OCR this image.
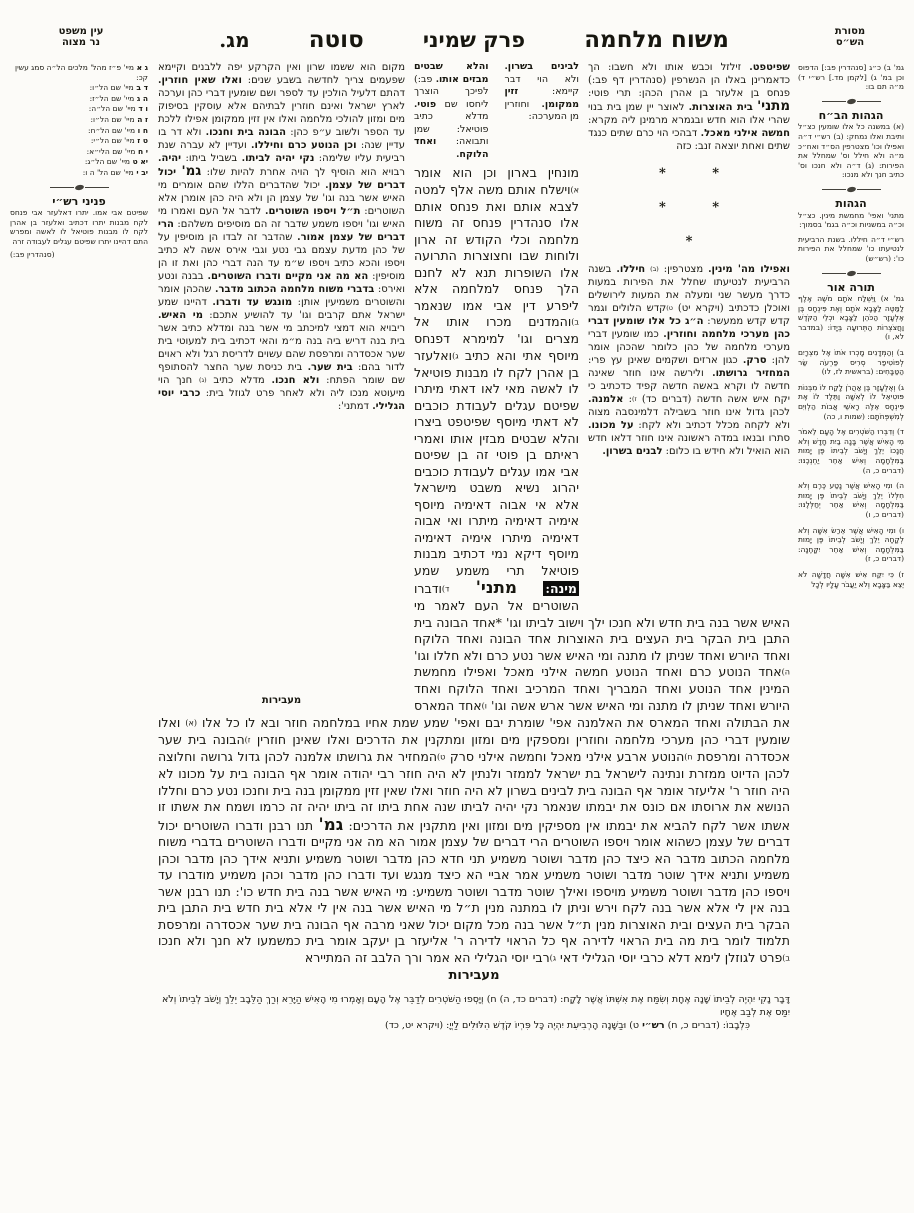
מסורת
הש״ס
משוח מלחמה
פרק שמיני
סוטה
מג.
עין משפט
נר מצוה
גמ' ב) כ״ג [סנהדרין פב:] הדפוס וכן במ' ג) [לקמן מד.] רש״י ד) מ״ה תם בו:
הגהות הב״ח
(א) במשנה כל אלו שומעין כצ״ל ותיבת ואלו נמחק: (ב) רש״י ד״ה ואפילו וכו' מצטרפין הס״ד ואח״כ מ״ה ולא חילל וס' שמחלל את הפירות: (ג) ד״ה ולא חנכו וס' כתיב חנך ולא מנכו:
הגהות
מתני' ואפי' מחמשת מינין. כצ״ל וכ״ה במשניות וכ״ה בגמ' בסמוך:
רש״י ד״ה חיללו. בשנת הרביעית לנטיעתו כו' שמחלל את הפירות כו': (רש״ש)
תורה אור
גמ' א) וַיִּשְׁלַח אֹתָם מֹשֶׁה אֶלֶף לַמַּטֶּה לַצָּבָא אֹתָם וְאֶת פִּינְחָס בֶּן אֶלְעָזָר הַכֹּהֵן לַצָּבָא וּכְלֵי הַקֹּדֶשׁ וַחֲצֹצְרוֹת הַתְּרוּעָה בְּיָדוֹ: (במדבר לא, ו)
ב) וְהַמְּדָנִים מָכְרוּ אֹתוֹ אֶל מִצְרָיִם לְפוֹטִיפַר סְרִיס פַּרְעֹה שַׂר הַטַּבָּחִים: (בראשית לז, לו)
ג) וְאֶלְעָזָר בֶּן אַהֲרֹן לָקַח לוֹ מִבְּנוֹת פּוּטִיאֵל לוֹ לְאִשָּׁה וַתֵּלֶד לוֹ אֶת פִּינְחָס אֵלֶּה רָאשֵׁי אֲבוֹת הַלְוִיִּם לְמִשְׁפְּחֹתָם: (שמות ו, כה)
ד) וְדִבְּרוּ הַשֹּׁטְרִים אֶל הָעָם לֵאמֹר מִי הָאִישׁ אֲשֶׁר בָּנָה בַיִת חָדָשׁ וְלֹא חֲנָכוֹ יֵלֵךְ וְיָשֹׁב לְבֵיתוֹ פֶּן יָמוּת בַּמִּלְחָמָה וְאִישׁ אַחֵר יַחְנְכֶנּוּ: (דברים כ, ה)
ה) וּמִי הָאִישׁ אֲשֶׁר נָטַע כֶּרֶם וְלֹא חִלְּלוֹ יֵלֵךְ וְיָשֹׁב לְבֵיתוֹ פֶּן יָמוּת בַּמִּלְחָמָה וְאִישׁ אַחֵר יְחַלְּלֶנּוּ: (דברים כ, ו)
ו) וּמִי הָאִישׁ אֲשֶׁר אֵרַשׂ אִשָּׁה וְלֹא לְקָחָהּ יֵלֵךְ וְיָשֹׁב לְבֵיתוֹ פֶּן יָמוּת בַּמִּלְחָמָה וְאִישׁ אַחֵר יִקָּחֶנָּה: (דברים כ, ז)
ז) כִּי יִקַּח אִישׁ אִשָּׁה חֲדָשָׁה לֹא יֵצֵא בַּצָּבָא וְלֹא יַעֲבֹר עָלָיו לְכָל
שפיטפט. זילזל וכבש אותו ולא חשבו: הך כדאמרינן באלו הן הנשרפין (סנהדרין דף פב:) פנחס בן אלעזר בן אהרן הכהן: תרי פוטי: מתני' בית האוצרות. לאוצר יין שמן בית בנוי שהרי אלו הוא חדש ובגמרא מרמינן ליה מקרא: חמשה אילני מאכל. דבהכי הוי כרם שתים כנגד שתים ואחת יוצאה זנב: כזה
* *
* *
*
ואפילו מה' מינין. מצטרפין: (ב) חיללו. בשנה הרביעית לנטיעתו שחלל את הפירות במעות כדרך מעשר שני ומעלה את המעות לירושלים ואוכלן כדכתיב (ויקרא יט) ט)קדש הלולים וגמר קדש קדש ממעשר: ה״ג כל אלו שומעין דברי כהן מערכי מלחמה וחוזרין. כמו שומעין דברי מערכי מלחמה של כהן כלומר שהכהן אומר להן: סרק. כגון ארזים ושקמים שאינן עץ פרי: המחזיר גרושתו. ולירשה אינו חוזר שאינה חדשה לו וקרא באשה חדשה קפיד כדכתיב כי יקח איש אשה חדשה (דברים כד) ז): אלמנה. לכהן גדול אינו חוזר בשבילה דלמינסבה מצוה ולא לקחה מכלל דכתיב ולא לקח: על מכונו. סתרו ובנאו במדה ראשונה אינו חוזר דלאו חדש הוא הואיל ולא חידש בו כלום: לבנים בשרון.
מקום הוא ששמו שרון ואין הקרקע יפה ללבנים וקיימא שפעמים צריך לחדשה בשבע שנים: ואלו שאין חוזרין. דהתם דלעיל הולכין עד לספר ושם שומעין דברי כהן וערכה לארץ ישראל ואינם חוזרין לבתיהם אלא עוסקין בסיפוק מים ומזון להולכי מלחמה ואלו אין זזין ממקומן אפילו ללכת עד הספר ולשוב ע״פ כהן: הבונה בית וחנכו. ולא דר בו עדיין שנה: וכן הנוטע כרם וחיללו. ועדיין לא עברה שנת רביעית עליו שלימה: נקי יהיה לביתו. בשביל ביתו: יהיה. רבויא הוא הוסיף לך הויה אחרת להיות שלו: גמ' יכול דברים של עצמן. יכול שהדברים הללו שהם אומרים מי האיש אשר בנה וגו' של עצמן הן ולא היה כהן אומרן אלא השוטרים: ת״ל ויספו השוטרים. לדבר אל העם ואמרו מי האיש וגו' ויספו משמע שדבר זה הם מוסיפים משלהם: הרי דברים של עצמן אמור. שהדבר זה לבדו הן מוסיפין על של כהן מדעת עצמם גבי נטע וגבי אירס אשה לא כתיב ויספו והכא כתיב ויספו ש״מ עד הנה דברי כהן ואת זו הן מוסיפין: הא מה אני מקיים ודברו השוטרים. בבנה ונטע ואירס: בדברי משוח מלחמה הכתוב מדבר. שהכהן אומר והשוטרים משמיעין אותן: מונגש עד ודברו. דהיינו שמע ישראל אתם קרבים וגו' עד להושיע אתכם: מי האיש. ריבויא הוא דמצי למיכתב מי אשר בנה ומדלא כתיב אשר בית בנה דריש ביה בנה מ״מ והאי דכתיב בית למעוטי בית שער אכסדרה ומרפסת שהם עשוים לדריסת רגל ולא ראוים לדור בהם: בית שער. בית כניסת שער החצר להסתופף שם שומר הפתח: ולא חנכו. מדלא כתיב (ג) חנך הוי מיעוטא מנכו ליה ולא לאחר פרט לגוזל בית: כרבי יוסי הגלילי. דמתני':
מעבירות
לבינים בשרון. ולא הוי דבר קיימא: זזין ממקומן. וחוזרין מן המערכה:
והלא שבטים מבזים אותו. פב:) לפיכך הוצרך ליחסו שם פוטי. מדלא כתיב פוטיאל: שמן ותבואה: ואחד הלוקח.
מונחין בארון וכן הוא אומר א)וישלח אותם משה אלף למטה לצבא אותם ואת פנחס אותם אלו סנהדרין פנחס זה משוח מלחמה וכלי הקודש זה ארון ולוחות שבו וחצוצרות התרועה אלו השופרות תנא לא לחנם הלך פנחס למלחמה אלא ליפרע דין אבי אמו שנאמר ב)והמדנים מכרו אותו אל מצרים וגו' למימרא דפנחס מיוסף אתי והא כתיב ג)ואלעזר בן אהרן לקח לו מבנות פוטיאל לו לאשה מאי לאו דאתי מיתרו שפיטם עגלים לעבודת כוכבים לא דאתי מיוסף שפיטפט ביצרו והלא שבטים מבזין אותו ואמרי ראיתם בן פוטי זה בן שפיטם אבי אמו עגלים לעבודת כוכבים יהרוג נשיא משבט מישראל אלא אי אבוה דאימיה מיוסף אימיה דאימיה מיתרו ואי אבוה דאימיה מיתרו אימיה דאימיה מיוסף דיקא נמי דכתיב מבנות פוטיאל תרי משמע שמע מינה: מתני' ד)ודברו השוטרים אל העם לאמר מי האיש אשר בנה בית חדש ולא חנכו ילך וישוב לביתו וגו' *אחד הבונה בית התבן בית הבקר בית העצים בית האוצרות אחד הבונה ואחד הלוקח ואחד היורש ואחד שניתן לו מתנה ומי האיש אשר נטע כרם ולא חללו וגו' ה)אחד הנוטע כרם ואחד הנוטע חמשה אילני מאכל ואפילו מחמשת המינין אחד הנוטע ואחד המבריך ואחד המרכיב ואחד הלוקח ואחד היורש ואחד שניתן לו מתנה ומי האיש אשר ארש אשה וגו' ו)אחד המארס את הבתולה ואחד המארס את האלמנה אפי' שומרת יבם ואפי' שמע שמת אחיו במלחמה חוזר ובא לו כל אלו (א) ואלו שומעין דברי כהן מערכי מלחמה וחוזרין ומספקין מים ומזון ומתקנין את הדרכים ואלו שאינן חוזרין ז)הבונה בית שער אכסדרה ומרפסת ח)הנוטע ארבע אילני מאכל וחמשה אילני סרק ט)המחזיר את גרושתו אלמנה לכהן גדול גרושה וחלוצה לכהן הדיוט ממזרת ונתינה לישראל בת ישראל לממזר ולנתין לא היה חוזר רבי יהודה אומר אף הבונה בית על מכונו לא היה חוזר ר' אליעזר אומר אף הבונה בית לבינים בשרון לא היה חוזר ואלו שאין זזין ממקומן בנה בית וחנכו נטע כרם וחללו הנושא את ארוסתו אם כונס את יבמתו שנאמר נקי יהיה לביתו שנה אחת ביתו זה ביתו יהיה זה כרמו ושמח את אשתו זו אשתו אשר לקח להביא את יבמתו אין מספיקין מים ומזון ואין מתקנין את הדרכים: גמ' תנו רבנן ודברו השוטרים יכול דברים של עצמן כשהוא אומר ויספו השוטרים הרי דברים של עצמן אמור הא מה אני מקיים ודברו השוטרים בדברי משוח מלחמה הכתוב מדבר הא כיצד כהן מדבר ושוטר משמיע תני חדא כהן מדבר ושוטר משמיע ותניא אידך כהן מדבר וכהן משמיע ותניא אידך שוטר מדבר ושוטר משמיע אמר אביי הא כיצד מנגש ועד ודברו כהן מדבר וכהן משמיע מודברו עד ויספו כהן מדבר ושוטר משמיע מויספו ואילך שוטר מדבר ושוטר משמיע: מי האיש אשר בנה בית חדש כו': תנו רבנן אשר בנה אין לי אלא אשר בנה לקח וירש וניתן לו במתנה מנין ת״ל מי האיש אשר בנה אין לי אלא בית חדש בית התבן בית הבקר בית העצים ובית האוצרות מנין ת״ל אשר בנה מכל מקום יכול שאני מרבה אף הבונה בית שער אכסדרה ומרפסת תלמוד לומר בית מה בית הראוי לדירה אף כל הראוי לדירה ר' אליעזר בן יעקב אומר בית כמשמעו לא חנך ולא חנכו ב)פרט לגוזלן לימא דלא כרבי יוסי הגלילי דאי ג)רבי יוסי הגלילי הא אמר ורך הלבב זה המתיירא
מעבירות
דָּבָר נָקִי יִהְיֶה לְבֵיתוֹ שָׁנָה אֶחָת וְשִׂמַּח אֶת אִשְׁתּוֹ אֲשֶׁר לָקָח: (דברים כד, ה) ח) וְיָסְפוּ הַשֹּׁטְרִים לְדַבֵּר אֶל הָעָם וְאָמְרוּ מִי הָאִישׁ הַיָּרֵא וְרַךְ הַלֵּבָב יֵלֵךְ וְיָשֹׁב לְבֵיתוֹ וְלֹא יִמַּס אֶת לְבַב אֶחָיו
כִּלְבָבוֹ: (דברים כ, ח) רש״י ט) וּבַשָּׁנָה הָרְבִיעִת יִהְיֶה כָּל פִּרְיוֹ קֹדֶשׁ הִלּוּלִים לַיְיָ: (ויקרא יט, כד)
ג א מיי' פ״ז מהל' מלכים הל״ה סמג עשין קכ:
ד ב מיי' שם הל״ו:
ה ג מיי' שם הל״ז:
ו ד מיי' שם הל״ה:
ז ה מיי' שם הל״ו:
ח ו מיי' שם הל״ח:
ט ז מיי' שם הל״י:
י ח מיי' שם הלי״א:
יא ט מיי' שם הל״ג:
יב י מיי' שם הל' ה ו:
פניני רש״י
שפיטם אבי אמו. יתרו דאלעזר אבי פנחס לקח מבנות יתרו דכתיב ואלעזר בן אהרן לקח לו מבנות פוטיאל לו לאשה ומפרש התם דהיינו יתרו שפיטם עגלים לעבודה זרה
(סנהדרין פב:)
